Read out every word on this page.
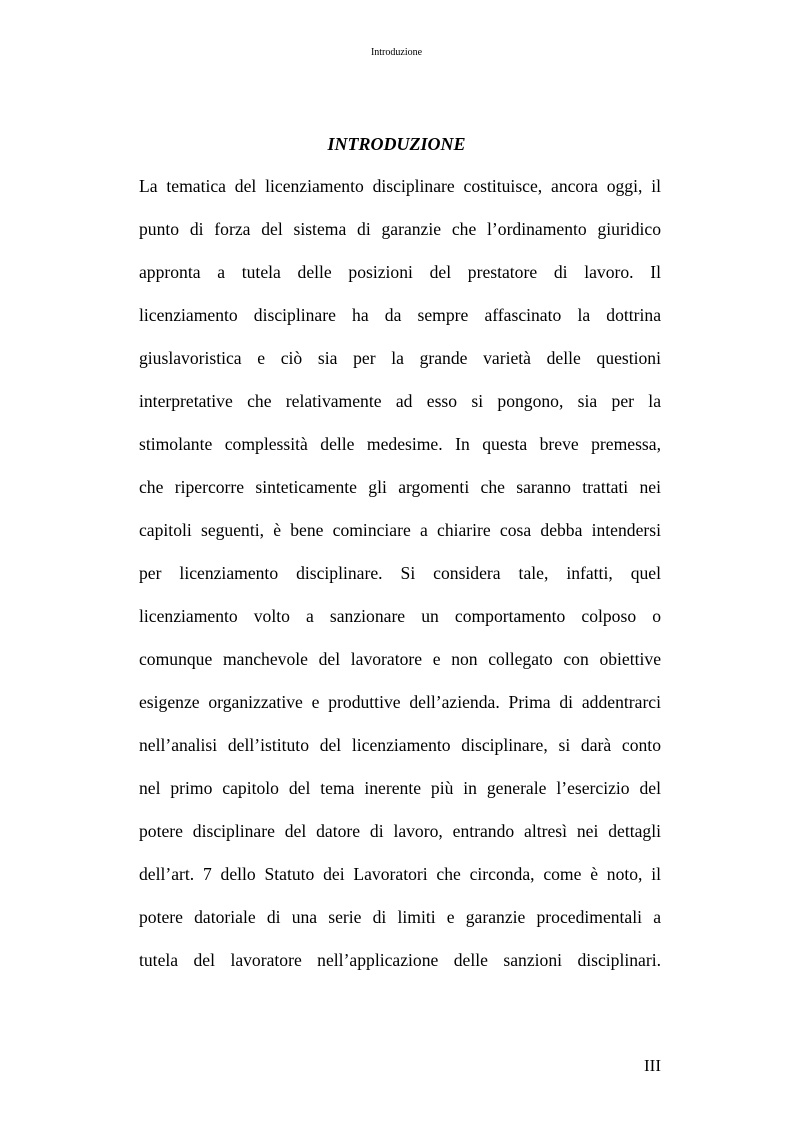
Introduzione
INTRODUZIONE
La tematica del licenziamento disciplinare costituisce, ancora oggi, il
punto di forza del sistema di garanzie che l’ordinamento giuridico
appronta a tutela delle posizioni del prestatore di lavoro. Il
licenziamento disciplinare ha da sempre affascinato la dottrina
giuslavoristica e ciò sia per la grande varietà delle questioni
interpretative che relativamente ad esso si pongono, sia per la
stimolante complessità delle medesime. In questa breve premessa,
che ripercorre sinteticamente gli argomenti che saranno trattati nei
capitoli seguenti, è bene cominciare a chiarire cosa debba intendersi
per licenziamento disciplinare. Si considera tale, infatti, quel
licenziamento volto a sanzionare un comportamento colposo o
comunque manchevole del lavoratore e non collegato con obiettive
esigenze organizzative e produttive dell’azienda. Prima di addentrarci
nell’analisi dell’istituto del licenziamento disciplinare, si darà conto
nel primo capitolo del tema inerente più in generale l’esercizio del
potere disciplinare del datore di lavoro, entrando altresì nei dettagli
dell’art. 7 dello Statuto dei Lavoratori che circonda, come è noto, il
potere datoriale di una serie di limiti e garanzie procedimentali a
tutela del lavoratore nell’applicazione delle sanzioni disciplinari.
III
